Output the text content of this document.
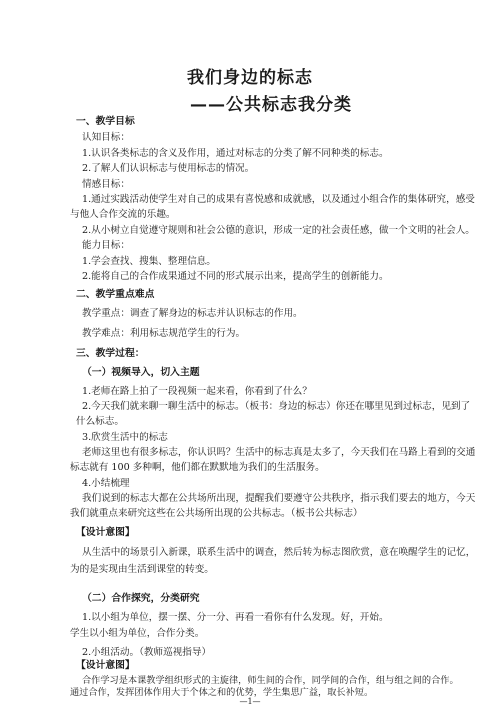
我们身边的标志
——公共标志我分类
一、教学目标
认知目标：
1.认识各类标志的含义及作用，通过对标志的分类了解不同种类的标志。
2.了解人们认识标志与使用标志的情况。
情感目标：
1.通过实践活动使学生对自己的成果有喜悦感和成就感，以及通过小组合作的集体研究，感受
与他人合作交流的乐趣。
2.从小树立自觉遵守规则和社会公德的意识，形成一定的社会责任感，做一个文明的社会人。
能力目标：
1.学会查找、搜集、整理信息。
2.能将自己的合作成果通过不同的形式展示出来，提高学生的创新能力。
二、教学重点难点
教学重点：调查了解身边的标志并认识标志的作用。
教学难点：利用标志规范学生的行为。
三、教学过程：
（一）视频导入，切入主题
1.老师在路上拍了一段视频一起来看，你看到了什么？
2.今天我们就来聊一聊生活中的标志。（板书：身边的标志）你还在哪里见到过标志，见到了
什么标志。
3.欣赏生活中的标志
老师这里也有很多标志，你认识吗？生活中的标志真是太多了，今天我们在马路上看到的交通
标志就有 100 多种啊，他们都在默默地为我们的生活服务。
4.小结梳理
我们说到的标志大都在公共场所出现，提醒我们要遵守公共秩序，指示我们要去的地方，今天
我们就重点来研究这些在公共场所出现的公共标志。（板书公共标志）
【设计意图】
从生活中的场景引入新课，联系生活中的调查，然后转为标志图欣赏，意在唤醒学生的记忆，为的是实现由生活到课堂的转变。
（二）合作探究，分类研究
1.以小组为单位，摆一摆、分一分、再看一看你有什么发现。好，开始。
学生以小组为单位，合作分类。
2.小组活动。（教师巡视指导）
【设计意图】
合作学习是本课教学组织形式的主旋律，师生间的合作，同学间的合作，组与组之间的合作。
通过合作，发挥团体作用大于个体之和的优势，学生集思广益，取长补短。
—1—
